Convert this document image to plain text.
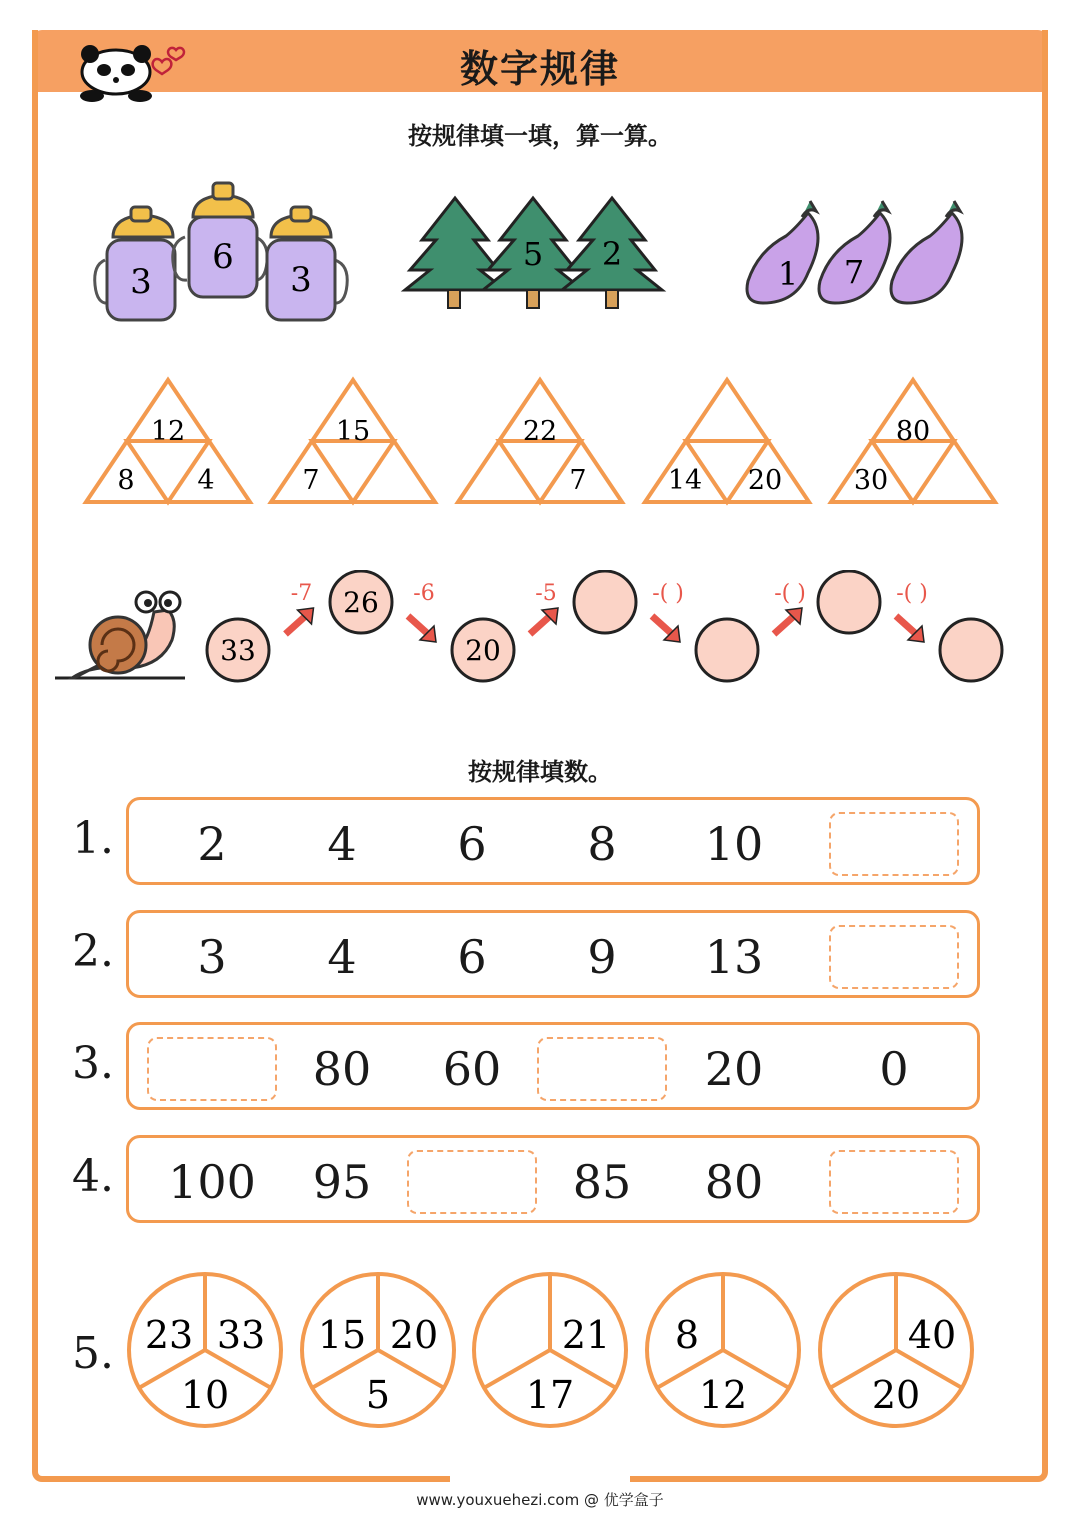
数字规律
按规律填一填，算一算。
3
6
3
5 2
1 7
12
8 4
15
7
22
7	14 20
80
30
33
26
20
-7	-6	-5	-( )	-( )	-( )
按规律填数。
1.	2	4	6	8	10
2.	3	4	6	9	13
3.	80	60	20	0
4.	100	95	85	80
5. 23 33
10
15 20
5
21
17
8
12
40
20
www.youxuehezi.com @ 优学盒子
